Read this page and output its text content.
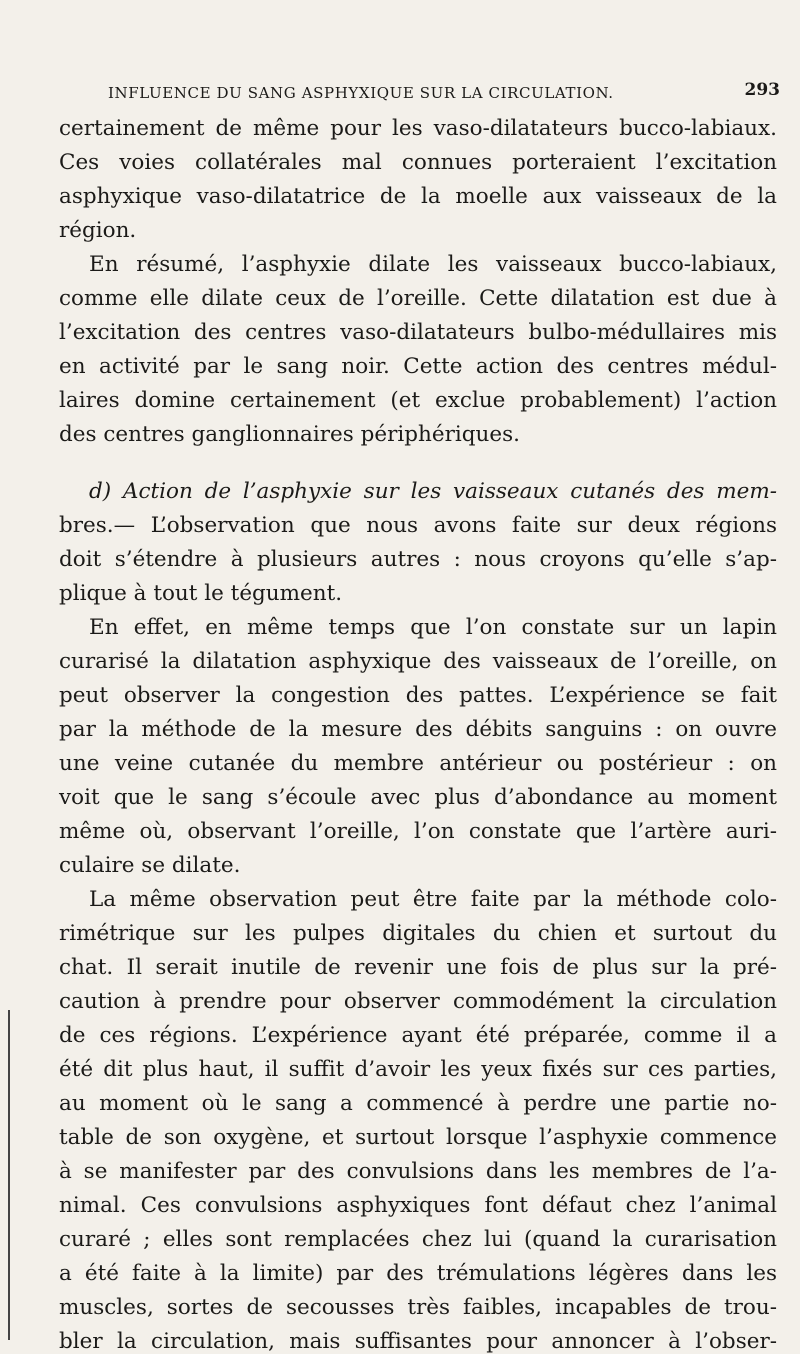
INFLUENCE DU SANG ASPHYXIQUE SUR LA CIRCULATION.	293
certainement de même pour les vaso-dilatateurs bucco-labiaux.
Ces voies collatérales mal connues porteraient l’excitation
asphyxique vaso-dilatatrice de la moelle aux vaisseaux de la
région.
En résumé, l’asphyxie dilate les vaisseaux bucco-labiaux,
comme elle dilate ceux de l’oreille. Cette dilatation est due à
l’excitation des centres vaso-dilatateurs bulbo-médullaires mis
en activité par le sang noir. Cette action des centres médul-
laires domine certainement (et exclue probablement) l’action
des centres ganglionnaires périphériques.
d) Action de l’asphyxie sur les vaisseaux cutanés des mem-
bres.— L’observation que nous avons faite sur deux régions
doit s’étendre à plusieurs autres : nous croyons qu’elle s’ap-
plique à tout le tégument.
En effet, en même temps que l’on constate sur un lapin
curarisé la dilatation asphyxique des vaisseaux de l’oreille, on
peut observer la congestion des pattes. L’expérience se fait
par la méthode de la mesure des débits sanguins : on ouvre
une veine cutanée du membre antérieur ou postérieur : on
voit que le sang s’écoule avec plus d’abondance au moment
même où, observant l’oreille, l’on constate que l’artère auri-
culaire se dilate.
La même observation peut être faite par la méthode colo-
rimétrique sur les pulpes digitales du chien et surtout du
chat. Il serait inutile de revenir une fois de plus sur la pré-
caution à prendre pour observer commodément la circulation
de ces régions. L’expérience ayant été préparée, comme il a
été dit plus haut, il suffit d’avoir les yeux fixés sur ces parties,
au moment où le sang a commencé à perdre une partie no-
table de son oxygène, et surtout lorsque l’asphyxie commence
à se manifester par des convulsions dans les membres de l’a-
nimal. Ces convulsions asphyxiques font défaut chez l’animal
curaré ; elles sont remplacées chez lui (quand la curarisation
a été faite à la limite) par des trémulations légères dans les
muscles, sortes de secousses très faibles, incapables de trou-
bler la circulation, mais suffisantes pour annoncer à l’obser-
